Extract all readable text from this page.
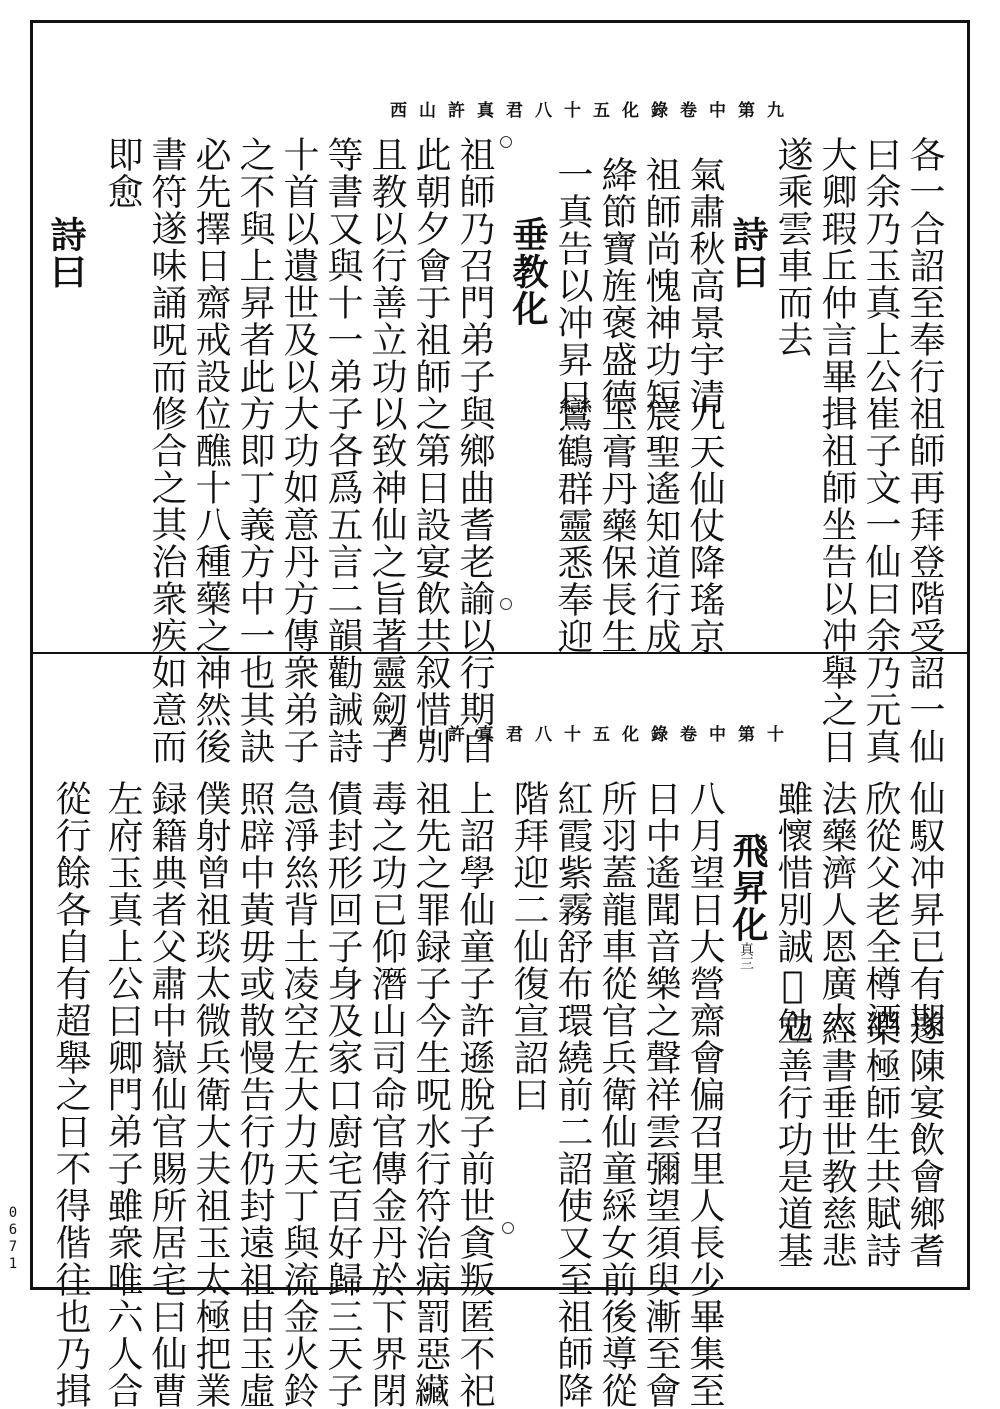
西山許真君八十五化錄卷中第九
各一合詔至奉行祖師再拜登階受詔一仙
曰余乃玉真上公崔子文一仙曰余乃元真
大卿瑕丘仲言畢揖祖師坐告以冲舉之日
遂乘雲車而去
詩曰
氣肅秋高景宇清
九天仙仗降瑤京
祖師尚愧神功短
宸聖遙知道行成
絳節寶旌褒盛德
玉膏丹藥保長生
一真告以冲昇日
鸞鶴群靈悉奉迎
垂教化
祖師乃召門弟子與鄉曲耆老諭以行期自
此朝夕會于祖師之第日設宴飲共叙惜別
且教以行善立功以致神仙之旨著靈劒子
等書又與十一弟子各爲五言二韻勸誡詩
十首以遺世及以大功如意丹方傳衆弟子
之不與上昇者此方即丁義方中一也其訣
必先擇日齋戒設位醮十八種藥之神然後
書符遂味誦呪而修合之其治衆疾如意而
即愈
詩曰
西山許真君八十五化錄卷中第十
仙馭冲昇已有期
遂陳宴飲會鄉耆
欣從父老全樽酒
樂極師生共賦詩
法藥濟人恩廣大
經書垂世教慈悲
雖懷惜別誠𠡠勉
立善行功是道基
飛昇化
真三
八月望日大營齋會偏召里人長少畢集至
日中遙聞音樂之聲祥雲彌望須臾漸至會
所羽蓋龍車從官兵衛仙童綵女前後導從
紅霞紫霧舒布環繞前二詔使又至祖師降
階拜迎二仙復宣詔曰
上詔學仙童子許遜脫子前世貪叛匿不祀
祖先之罪録子今生呪水行符治病罰惡𦇴
毒之功已仰潛山司命官傳金丹於下界閉
債封形回子身及家口廚宅百好歸三天子
急淨𢇁背土凌空左大力天丁與流金火鈴
照辟中黃毋或散慢告行仍封遠祖由玉虛
僕射曾祖琰太微兵衛大夫祖玉太極把業
録籍典者父肅中嶽仙官賜所居宅曰仙曹
左府玉真上公曰卿門弟子雖衆唯六人合
從行餘各自有超舉之日不得偕往也乃揖
0671
